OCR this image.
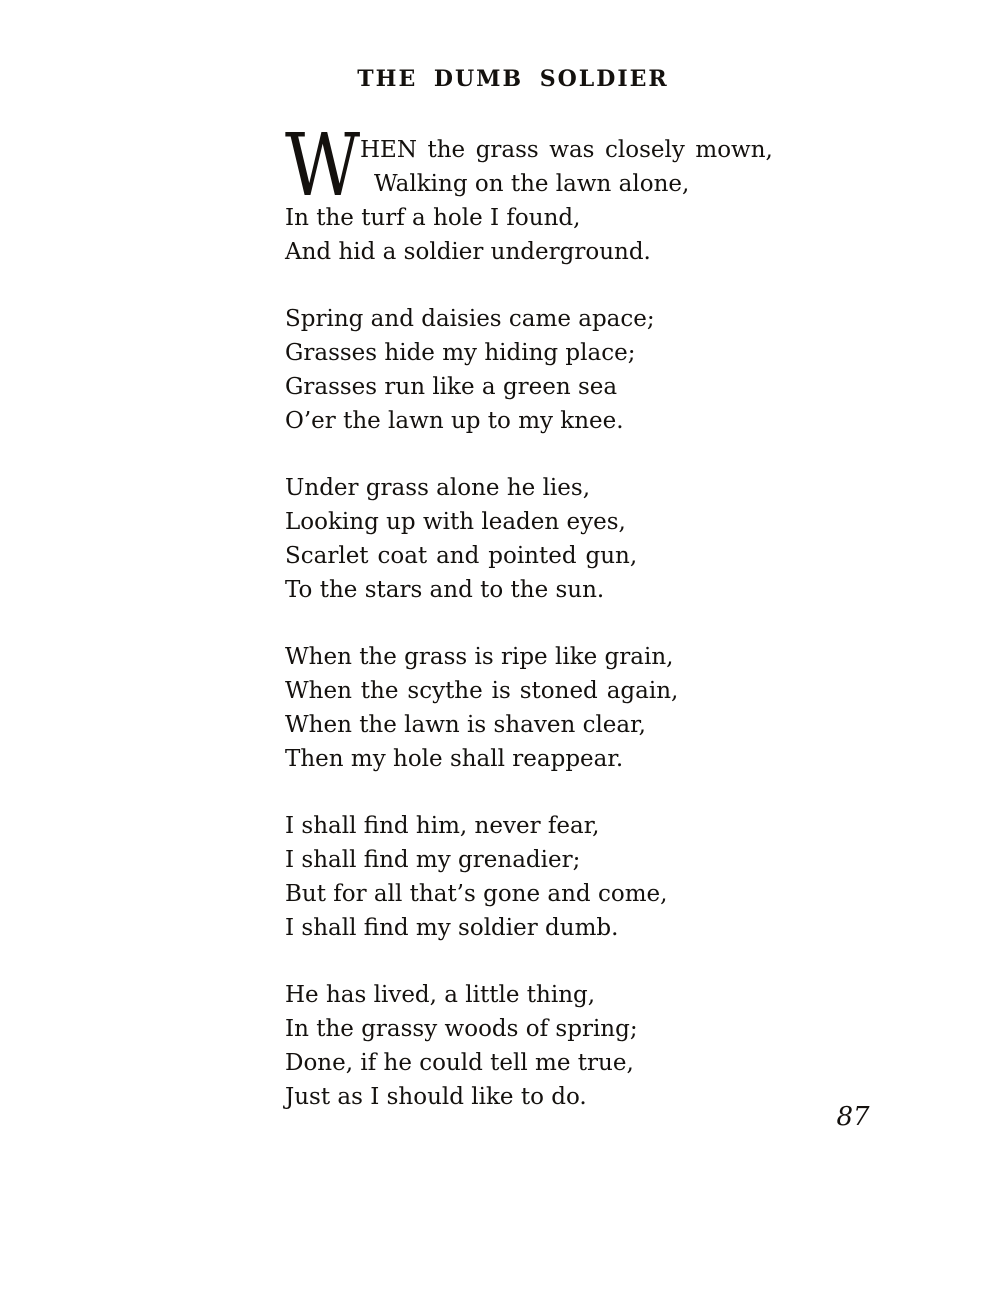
THE DUMB SOLDIER
W HEN the grass was closely mown,

Walking on the lawn alone,

In the turf a hole I found,

And hid a soldier underground.

Spring and daisies came apace;

Grasses hide my hiding place;

Grasses run like a green sea

O’er the lawn up to my knee.

Under grass alone he lies,

Looking up with leaden eyes,

Scarlet coat and pointed gun,

To the stars and to the sun.

When the grass is ripe like grain,

When the scythe is stoned again,

When the lawn is shaven clear,

Then my hole shall reappear.

I shall find him, never fear,

I shall find my grenadier;

But for all that’s gone and come,

I shall find my soldier dumb.

He has lived, a little thing,

In the grassy woods of spring;

Done, if he could tell me true,

Just as I should like to do.

87
